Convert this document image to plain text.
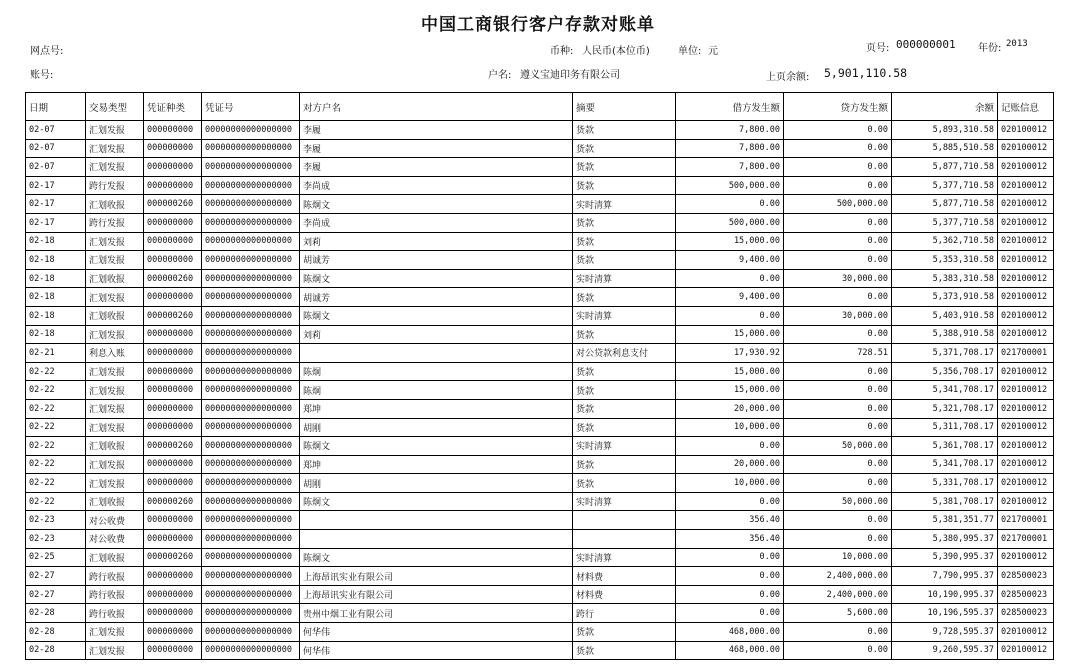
中国工商银行客户存款对账单
网点号:	币种: 人民币(本位币)	单位: 元	页号: 000000001 年份: 2013
账号:	户名: 遵义宝迪印务有限公司	上页余额: 5,901,110.58
日期	交易类型	凭证种类	凭证号	对方户名	摘要	借方发生额	贷方发生额	余额	记账信息
02-07	汇划发报	000000000	00000000000000000	李履	货款	7,800.00	0.00	5,893,310.58	020100012
02-07	汇划发报	000000000	00000000000000000	李履	货款	7,800.00	0.00	5,885,510.58	020100012
02-07	汇划发报	000000000	00000000000000000	李履	货款	7,800.00	0.00	5,877,710.58	020100012
02-17	跨行发报	000000000	00000000000000000	李尚成	货款	500,000.00	0.00	5,377,710.58	020100012
02-17	汇划收报	000000260	00000000000000000	陈炯文	实时清算	0.00	500,000.00	5,877,710.58	020100012
02-17	跨行发报	000000000	00000000000000000	李尚成	货款	500,000.00	0.00	5,377,710.58	020100012
02-18	汇划发报	000000000	00000000000000000	刘莉	货款	15,000.00	0.00	5,362,710.58	020100012
02-18	汇划发报	000000000	00000000000000000	胡诚芳	货款	9,400.00	0.00	5,353,310.58	020100012
02-18	汇划收报	000000260	00000000000000000	陈炯文	实时清算	0.00	30,000.00	5,383,310.58	020100012
02-18	汇划发报	000000000	00000000000000000	胡诚芳	货款	9,400.00	0.00	5,373,910.58	020100012
02-18	汇划收报	000000260	00000000000000000	陈炯文	实时清算	0.00	30,000.00	5,403,910.58	020100012
02-18	汇划发报	000000000	00000000000000000	刘莉	货款	15,000.00	0.00	5,388,910.58	020100012
02-21	利息入账	000000000	00000000000000000		对公贷款利息支付	17,930.92	728.51	5,371,708.17	021700001
02-22	汇划发报	000000000	00000000000000000	陈炯	货款	15,000.00	0.00	5,356,708.17	020100012
02-22	汇划发报	000000000	00000000000000000	陈炯	货款	15,000.00	0.00	5,341,708.17	020100012
02-22	汇划发报	000000000	00000000000000000	郑坤	货款	20,000.00	0.00	5,321,708.17	020100012
02-22	汇划发报	000000000	00000000000000000	胡刚	货款	10,000.00	0.00	5,311,708.17	020100012
02-22	汇划收报	000000260	00000000000000000	陈炯文	实时清算	0.00	50,000.00	5,361,708.17	020100012
02-22	汇划发报	000000000	00000000000000000	郑坤	货款	20,000.00	0.00	5,341,708.17	020100012
02-22	汇划发报	000000000	00000000000000000	胡刚	货款	10,000.00	0.00	5,331,708.17	020100012
02-22	汇划收报	000000260	00000000000000000	陈炯文	实时清算	0.00	50,000.00	5,381,708.17	020100012
02-23	对公收费	000000000	00000000000000000			356.40	0.00	5,381,351.77	021700001
02-23	对公收费	000000000	00000000000000000			356.40	0.00	5,380,995.37	021700001
02-25	汇划收报	000000260	00000000000000000	陈炯文	实时清算	0.00	10,000.00	5,390,995.37	020100012
02-27	跨行收报	000000000	00000000000000000	上海昂讯实业有限公司	材料费	0.00	2,400,000.00	7,790,995.37	028500023
02-27	跨行收报	000000000	00000000000000000	上海昂讯实业有限公司	材料费	0.00	2,400,000.00	10,190,995.37	028500023
02-28	跨行收报	000000000	00000000000000000	贵州中烟工业有限公司	跨行	0.00	5,600.00	10,196,595.37	028500023
02-28	汇划发报	000000000	00000000000000000	何华伟	货款	468,000.00	0.00	9,728,595.37	020100012
02-28	汇划发报	000000000	00000000000000000	何华伟	货款	468,000.00	0.00	9,260,595.37	020100012
